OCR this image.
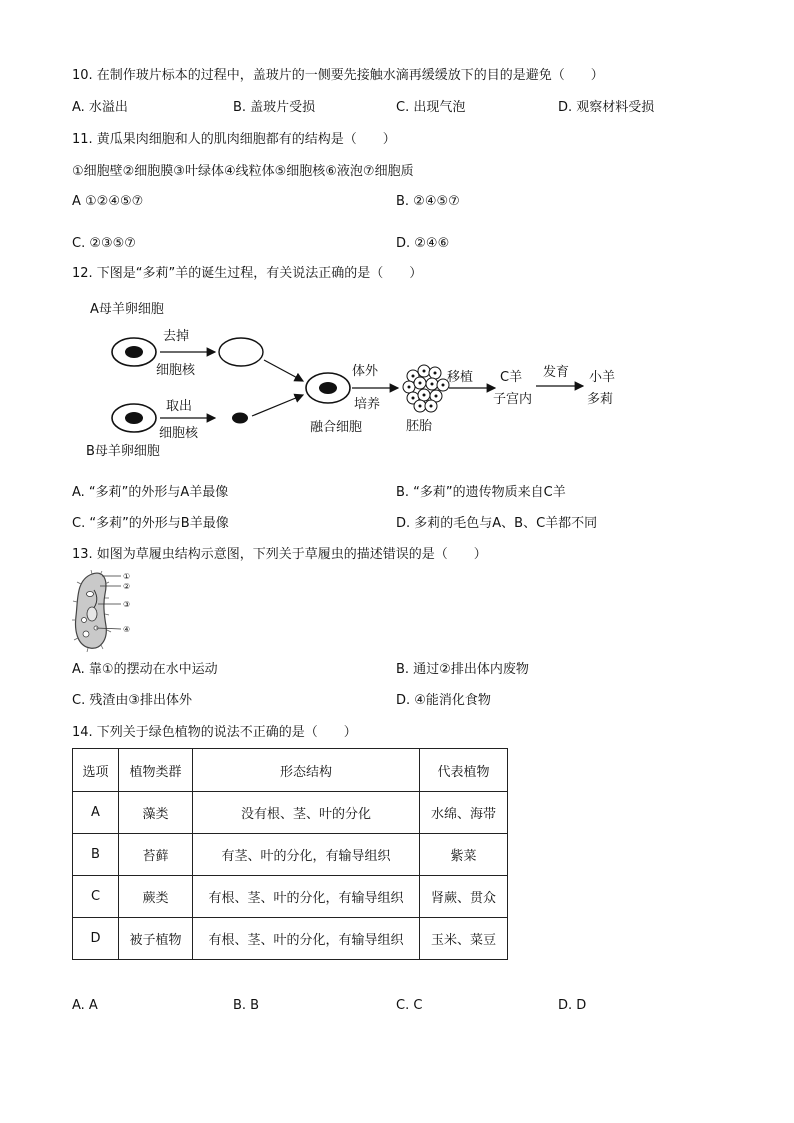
10. 在制作玻片标本的过程中，盖玻片的一侧要先接触水滴再缓缓放下的目的是避免（　　）
A. 水溢出	B. 盖玻片受损	C. 出现气泡	D. 观察材料受损
11. 黄瓜果肉细胞和人的肌肉细胞都有的结构是（　　）
①细胞壁②细胞膜③叶绿体④线粒体⑤细胞核⑥液泡⑦细胞质
A ①②④⑤⑦	B. ②④⑤⑦
C. ②③⑤⑦	D. ②④⑥
12. 下图是“多莉”羊的诞生过程，有关说法正确的是（　　）
A母羊卵细胞
去掉
细胞核
取出
细胞核
B母羊卵细胞
融合细胞
体外
培养
胚胎
移植 C羊
子宫内
发育 小羊
多莉
A. “多莉”的外形与A羊最像	B. “多莉”的遗传物质来自C羊
C. “多莉”的外形与B羊最像	D. 多莉的毛色与A、B、C羊都不同
13. 如图为草履虫结构示意图，下列关于草履虫的描述错误的是（　　）
①
②
③
④
A. 靠①的摆动在水中运动	B. 通过②排出体内废物
C. 残渣由③排出体外	D. ④能消化食物
14. 下列关于绿色植物的说法不正确的是（　　）
选项	植物类群	形态结构	代表植物
A	藻类	没有根、茎、叶的分化	水绵、海带
B	苔藓	有茎、叶的分化，有输导组织	紫菜
C	蕨类	有根、茎、叶的分化，有输导组织	肾蕨、贯众
D	被子植物	有根、茎、叶的分化，有输导组织	玉米、菜豆
A. A	B. B	C. C	D. D
